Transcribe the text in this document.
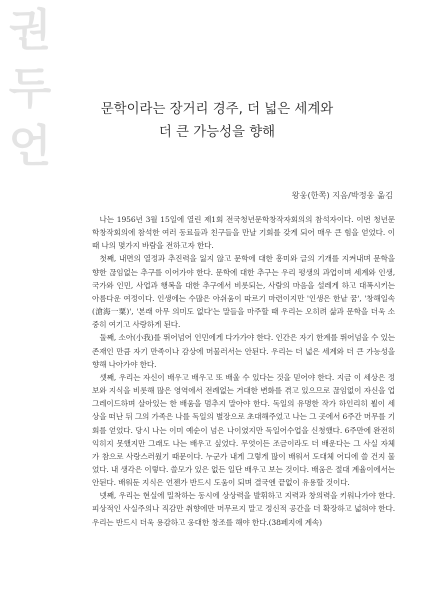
권
두
언
문학이라는 장거리 경주, 더 넓은 세계와
더 큰 가능성을 향해
왕웅(한쪽) 지음/박정웅 옮김

나는 1956년 3월 15일에 열린 제1회 전국청년문학창작자회의의 참석자이다. 이번 청년문학창작회의에 참석한 여러 동료들과 친구들을 만날 기회를 갖게 되어 매우 큰 힘을 얻었다. 이때 나의 몇가지 바람을 전하고자 한다.

첫째, 내면의 열정과 추진력을 잃지 않고 문학에 대한 흥미와 글의 기개를 지켜내며 문학을 향한 끊임없는 추구를 이어가야 한다. 문학에 대한 추구는 우리 평생의 과업이며 세계와 인생, 국가와 인민, 사업과 행복을 대한 추구에서 비롯되는, 사람의 마음을 설레게 하고 대폭시키는 아름다운 여정이다. 인생에는 수많은 아쉬움이 따르기 마련이지만 '인생은 한낱 꿈', '창해일속(滄海一粟)', '본래 아무 의미도 없다'는 말들을 마주할 때 우리는 오히려 삶과 문학을 더욱 소중히 여기고 사랑하게 된다.

둘째, 소아(小我)를 뛰어넘어 인민에게 다가가야 한다. 인간은 자기 한계를 뛰어넘을 수 있는 존재인 만큼 자기 만족이나 감상에 머물러서는 안된다. 우리는 더 넓은 세계와 더 큰 가능성을 향해 나아가야 한다.

셋째, 우리는 자신이 배우고 배우고 또 배울 수 있다는 것을 믿어야 한다. 지금 이 세상은 정보와 지식을 비롯해 많은 영역에서 전례없는 거대한 변화를 겪고 있으므로 끊임없이 자신을 업그레이드하며 살아있는 한 배움을 멈추지 말아야 한다. 독일의 유명한 작가 하인리히 뵐이 세상을 떠난 뒤 그의 가족은 나를 독일의 별장으로 초대해주었고 나는 그 곳에서 6주간 머무를 기회를 얻었다. 당시 나는 이미 예순이 넘은 나이였지만 독일어수업을 신청했다. 6주만에 완전히 익히지 못했지만 그래도 나는 배우고 싶었다. 무엇이든 조금이라도 더 배운다는 그 사실 자체가 참으로 사랑스러웠기 때문이다. 누군가 내게 그렇게 많이 배워서 도대체 어디에 쓸 건지 물었다. 내 생각은 이렇다. 쓸모가 있은 없든 일단 배우고 보는 것이다. 배움은 절대 계율이에서는 안된다. 배워둔 지식은 언젠가 반드시 도움이 되며 결국엔 끝없이 유용할 것이다.

넷째, 우리는 현실에 밀착하는 동시에 상상력을 발휘하고 지력과 창의력을 키워나가야 한다. 피상적인 사실주의나 직감만 취향에만 머무르지 말고 정신적 공간을 더 확장하고 넓혀야 한다. 우리는 반드시 더욱 용감하고 웅대한 창조를 해야 한다.(38페지에 계속)
